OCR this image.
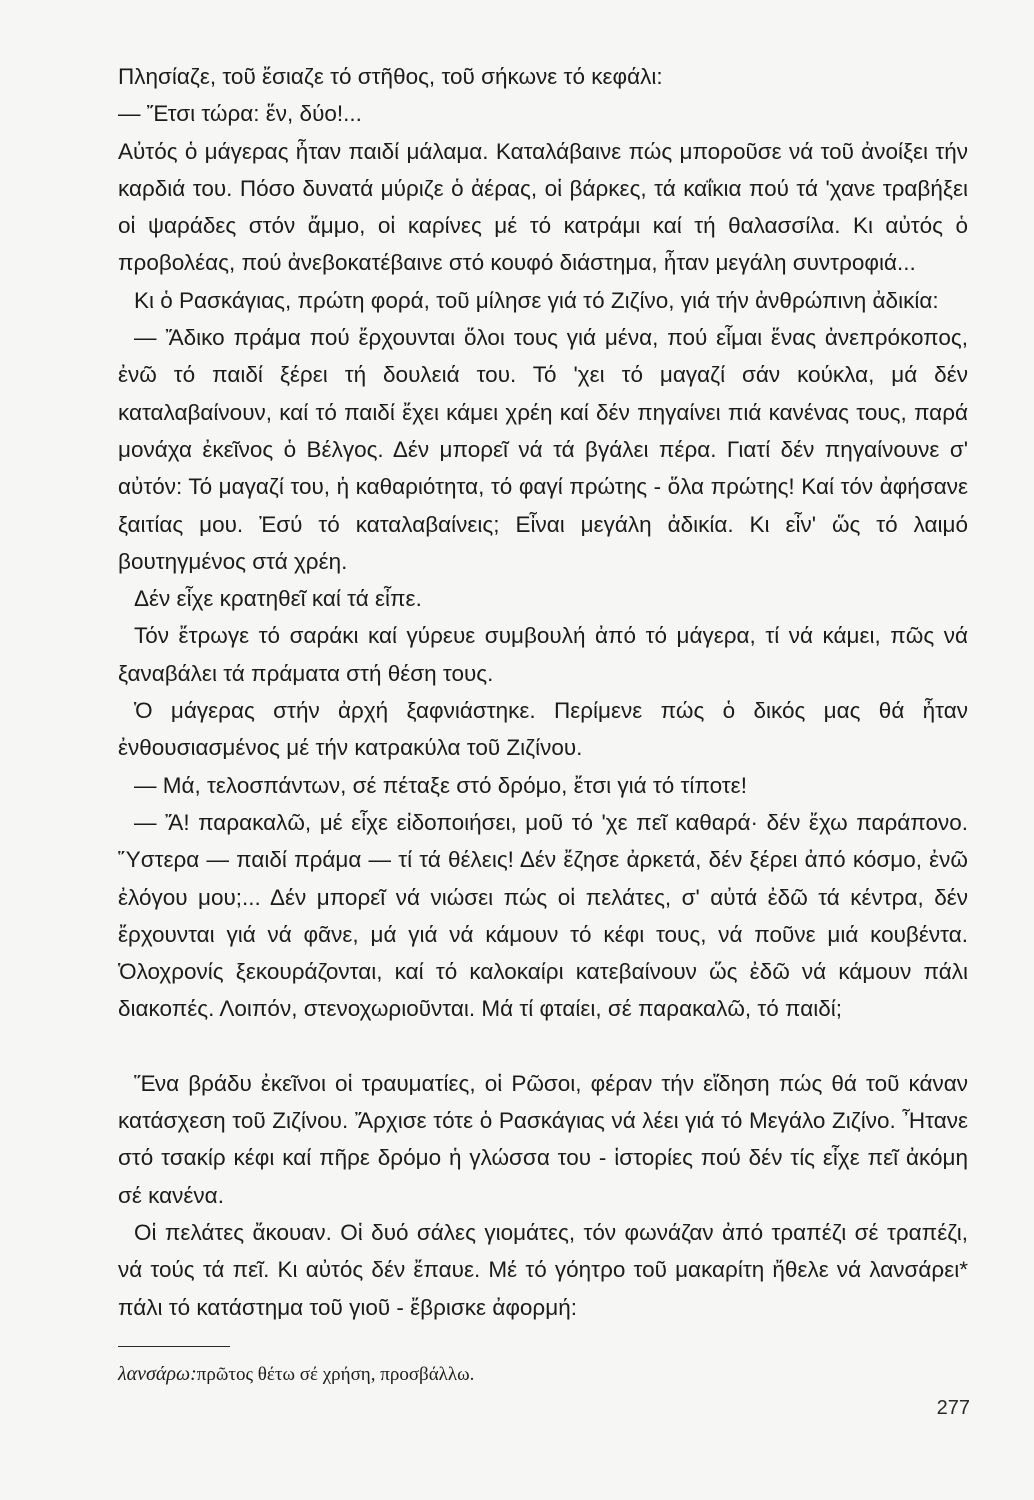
Πλησίαζε, τοῦ ἔσιαζε τό στῆθος, τοῦ σήκωνε τό κεφάλι:

— Ἔτσι τώρα: ἕν, δύο!...

Αὐτός ὁ μάγερας ἦταν παιδί μάλαμα. Καταλάβαινε πώς μποροῦσε νά τοῦ ἀνοίξει τήν καρδιά του. Πόσο δυνατά μύριζε ὁ ἀέρας, οἱ βάρκες, τά καΐκια πού τά 'χανε τραβήξει οἱ ψαράδες στόν ἄμμο, οἱ καρίνες μέ τό κατράμι καί τή θαλασσίλα. Κι αὐτός ὁ προβολέας, πού ἀνεβοκατέβαινε στό κουφό διάστημα, ἦταν μεγάλη συντροφιά...

Κι ὁ Ρασκάγιας, πρώτη φορά, τοῦ μίλησε γιά τό Ζιζίνο, γιά τήν ἀνθρώπινη ἀδικία:

— Ἄδικο πράμα πού ἔρχουνται ὅλοι τους γιά μένα, πού εἶμαι ἕνας ἀνεπρόκοπος, ἐνῶ τό παιδί ξέρει τή δουλειά του. Τό 'χει τό μαγαζί σάν κούκλα, μά δέν καταλαβαίνουν, καί τό παιδί ἔχει κάμει χρέη καί δέν πηγαίνει πιά κανένας τους, παρά μονάχα ἐκεῖνος ὁ Βέλγος. Δέν μπορεῖ νά τά βγάλει πέρα. Γιατί δέν πηγαίνουνε σ' αὐτόν: Τό μαγαζί του, ἡ καθαριότητα, τό φαγί πρώτης - ὅλα πρώτης! Καί τόν ἀφήσανε ξαιτίας μου. Ἐσύ τό καταλαβαίνεις; Εἶναι μεγάλη ἀδικία. Κι εἶν' ὥς τό λαιμό βουτηγμένος στά χρέη.

Δέν εἶχε κρατηθεῖ καί τά εἶπε.

Τόν ἔτρωγε τό σαράκι καί γύρευε συμβουλή ἀπό τό μάγερα, τί νά κάμει, πῶς νά ξαναβάλει τά πράματα στή θέση τους.

Ὁ μάγερας στήν ἀρχή ξαφνιάστηκε. Περίμενε πώς ὁ δικός μας θά ἦταν ἐνθουσιασμένος μέ τήν κατρακύλα τοῦ Ζιζίνου.

— Μά, τελοσπάντων, σέ πέταξε στό δρόμο, ἔτσι γιά τό τίποτε!

— Ἄ! παρακαλῶ, μέ εἶχε εἰδοποιήσει, μοῦ τό 'χε πεῖ καθαρά· δέν ἔχω παράπονο. Ὕστερα — παιδί πράμα — τί τά θέλεις! Δέν ἔζησε ἀρκετά, δέν ξέρει ἀπό κόσμο, ἐνῶ ἐλόγου μου;... Δέν μπορεῖ νά νιώσει πώς οἱ πελάτες, σ' αὐτά ἐδῶ τά κέντρα, δέν ἔρχουνται γιά νά φᾶνε, μά γιά νά κάμουν τό κέφι τους, νά ποῦνε μιά κουβέντα. Ὁλοχρονίς ξεκουράζονται, καί τό καλοκαίρι κατεβαίνουν ὥς ἐδῶ νά κάμουν πάλι διακοπές. Λοιπόν, στενοχωριοῦνται. Μά τί φταίει, σέ παρακαλῶ, τό παιδί;

Ἕνα βράδυ ἐκεῖνοι οἱ τραυματίες, οἱ Ρῶσοι, φέραν τήν εἴδηση πώς θά τοῦ κάναν κατάσχεση τοῦ Ζιζίνου. Ἄρχισε τότε ὁ Ρασκάγιας νά λέει γιά τό Μεγάλο Ζιζίνο. Ἦτανε στό τσακίρ κέφι καί πῆρε δρόμο ἡ γλώσσα του - ἱστορίες πού δέν τίς εἶχε πεῖ ἀκόμη σέ κανένα.

Οἱ πελάτες ἄκουαν. Οἱ δυό σάλες γιομάτες, τόν φωνάζαν ἀπό τραπέζι σέ τραπέζι, νά τούς τά πεῖ. Κι αὐτός δέν ἔπαυε. Μέ τό γόητρο τοῦ μακαρίτη ἤθελε νά λανσάρει* πάλι τό κατάστημα τοῦ γιοῦ - ἔβρισκε ἀφορμή:

λανσάρω:πρῶτος θέτω σέ χρήση, προσβάλλω.
277
